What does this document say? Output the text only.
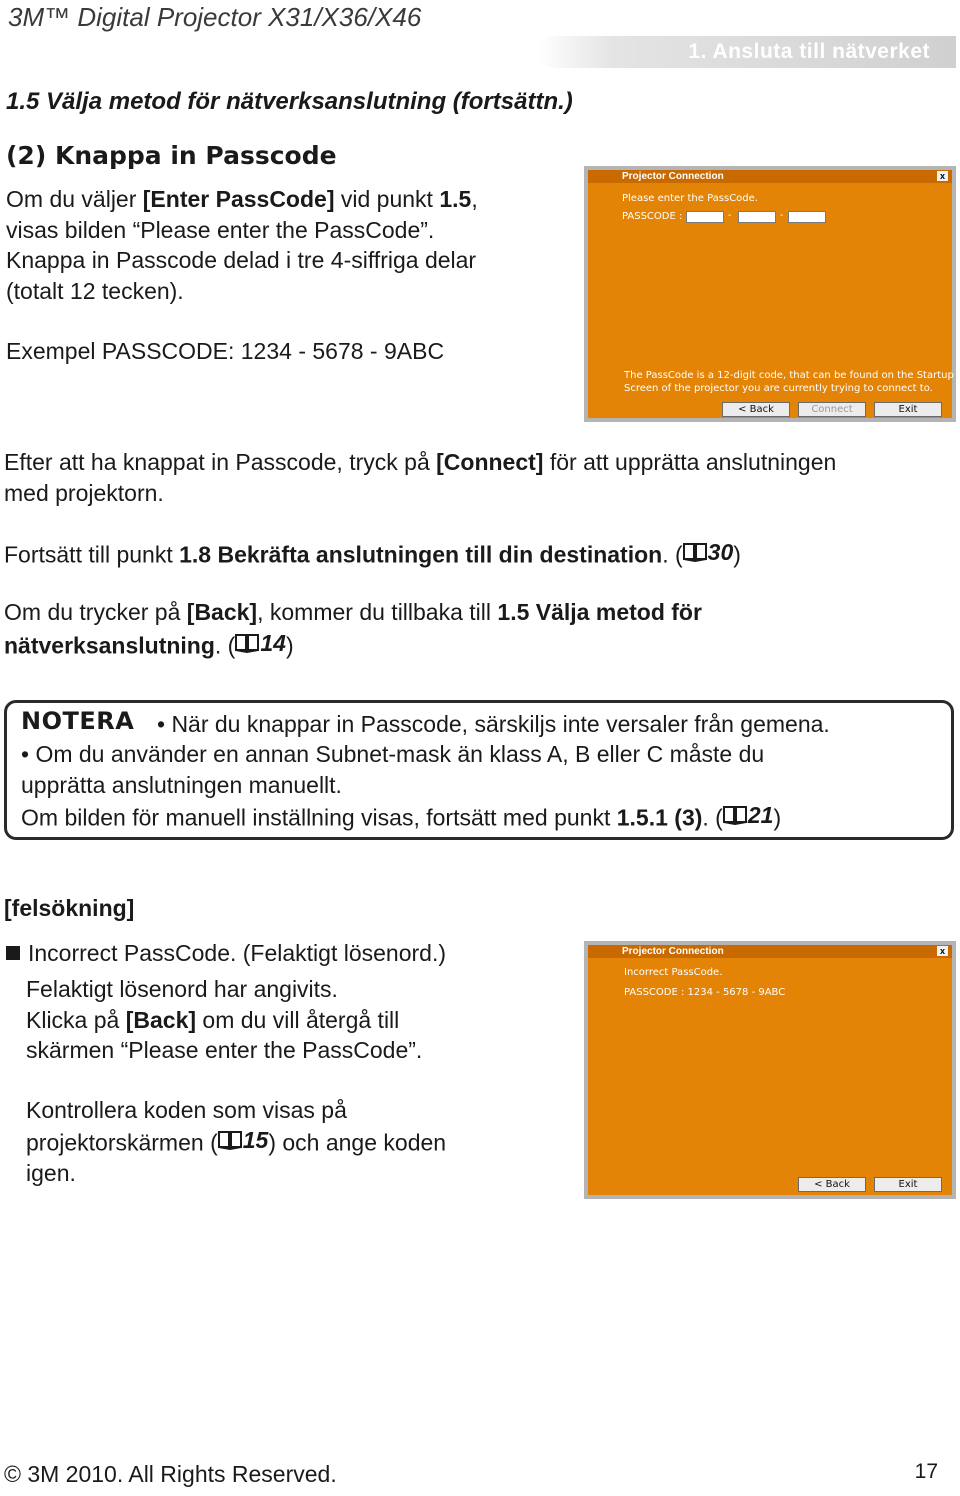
3M™ Digital Projector X31/X36/X46
1. Ansluta till nätverket
1.5 Välja metod för nätverksanslutning (fortsättn.)
(2) Knappa in Passcode

Om du väljer [Enter PassCode] vid punkt 1.5,

visas bilden “Please enter the PassCode”.

Knappa in Passcode delad i tre 4-siffriga delar

(totalt 12 tecken).

Exempel PASSCODE: 1234 - 5678 - 9ABC

Projector Connection	x
Please enter the PassCode.
PASSCODE :	-	-
The PassCode is a 12-digit code, that can be found on the Startup
Screen of the projector you are currently trying to connect to.
< Back	Connect	Exit

Efter att ha knappat in Passcode, tryck på [Connect] för att upprätta anslutningen

med projektorn.

Fortsätt till punkt 1.8 Bekräfta anslutningen till din destination. ( 30 )

Om du trycker på [Back], kommer du tillbaka till 1.5 Välja metod för

nätverksanslutning. ( 14 )

NOTERA • När du knappar in Passcode, särskiljs inte versaler från gemena.

• Om du använder en annan Subnet-mask än klass A, B eller C måste du

upprätta anslutningen manuellt.

Om bilden för manuell inställning visas, fortsätt med punkt 1.5.1 (3). ( 21 )

[felsökning]

Incorrect PassCode. (Felaktigt lösenord.)

Felaktigt lösenord har angivits.

Klicka på [Back] om du vill återgå till

skärmen “Please enter the PassCode”.

Kontrollera koden som visas på

projektorskärmen ( 15 ) och ange koden

igen.

Projector Connection	x
Incorrect PassCode.
PASSCODE : 1234 - 5678 - 9ABC
< Back	Exit
© 3M 2010. All Rights Reserved.	17
